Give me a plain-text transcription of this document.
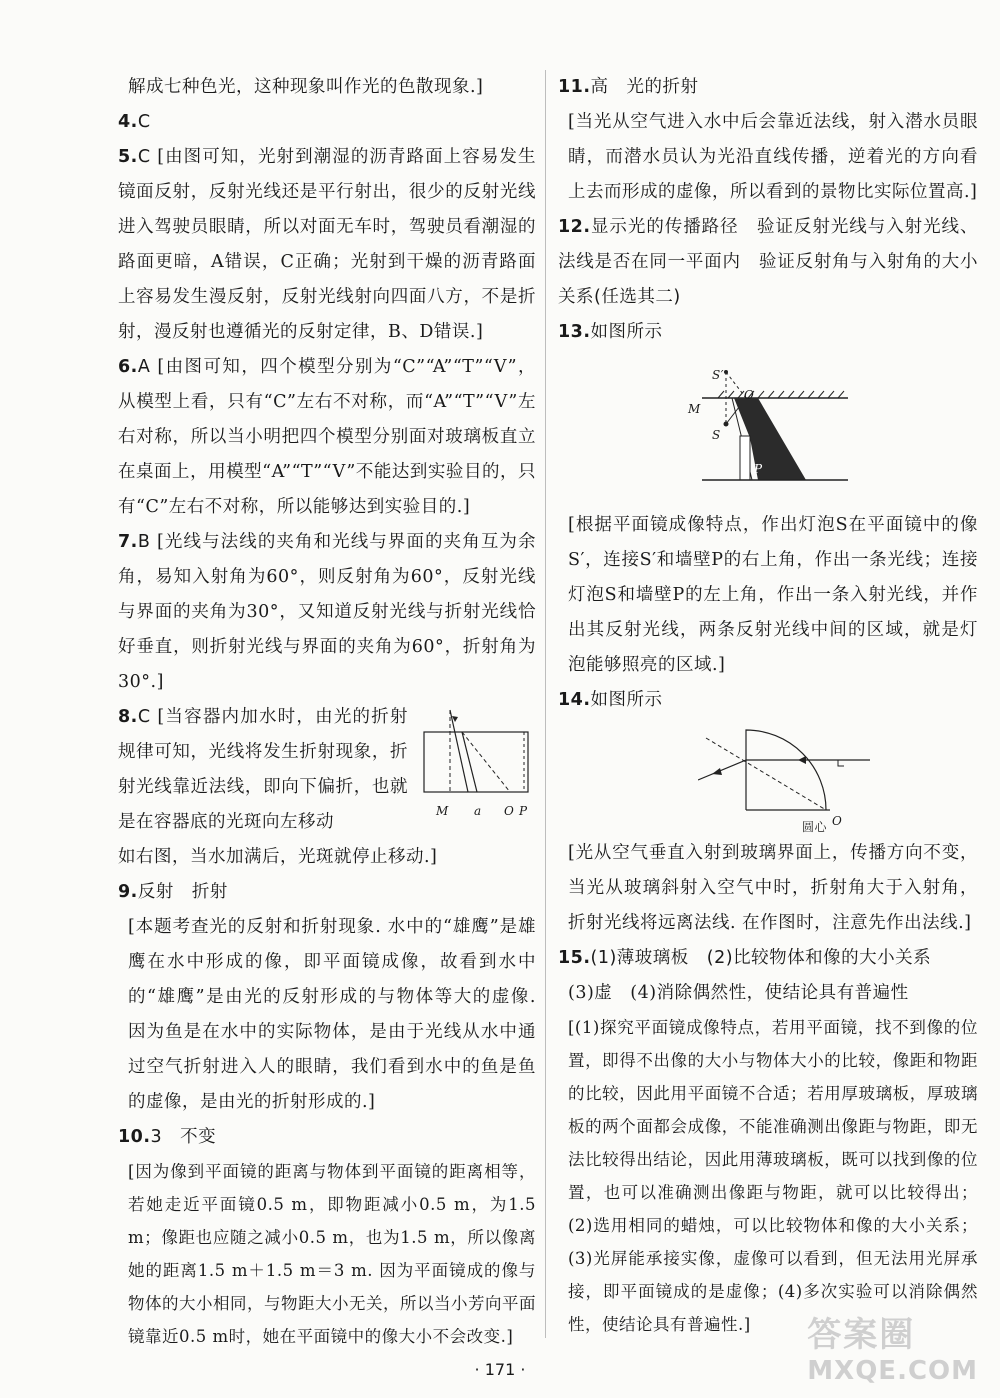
解成七种色光，这种现象叫作光的色散现象.]

4.C

5.C [由图可知，光射到潮湿的沥青路面上容易发生镜面反射，反射光线还是平行射出，很少的反射光线进入驾驶员眼睛，所以对面无车时，驾驶员看潮湿的路面更暗，A错误，C正确；光射到干燥的沥青路面上容易发生漫反射，反射光线射向四面八方，不是折射，漫反射也遵循光的反射定律，B、D错误.]

6.A [由图可知，四个模型分别为“C”“A”“T”“V”，从模型上看，只有“C”左右不对称，而“A”“T”“V”左右对称，所以当小明把四个模型分别面对玻璃板直立在桌面上，用模型“A”“T”“V”不能达到实验目的，只有“C”左右不对称，所以能够达到实验目的.]

7.B [光线与法线的夹角和光线与界面的夹角互为余角，易知入射角为60°，则反射角为60°，反射光线与界面的夹角为30°，又知道反射光线与折射光线恰好垂直，则折射光线与界面的夹角为60°，折射角为30°.]

8.C [当容器内加水时，由光的折射规律可知，光线将发生折射现象，折射光线靠近法线，即向下偏折，也就是在容器底的光斑向左移动

M a O P

如右图，当水加满后，光斑就停止移动.]

9.反射　折射

[本题考查光的反射和折射现象. 水中的“雄鹰”是雄鹰在水中形成的像，即平面镜成像，故看到水中的“雄鹰”是由光的反射形成的与物体等大的虚像. 因为鱼是在水中的实际物体，是由于光线从水中通过空气折射进入人的眼睛，我们看到水中的鱼是鱼的虚像，是由光的折射形成的.]

10.3　不变

[因为像到平面镜的距离与物体到平面镜的距离相等，若她走近平面镜0.5 m，即物距减小0.5 m，为1.5 m；像距也应随之减小0.5 m，也为1.5 m，所以像离她的距离1.5 m＋1.5 m＝3 m. 因为平面镜成的像与物体的大小相同，与物距大小无关，所以当小芳向平面镜靠近0.5 m时，她在平面镜中的像大小不会改变.]

11.高　光的折射

[当光从空气进入水中后会靠近法线，射入潜水员眼睛，而潜水员认为光沿直线传播，逆着光的方向看上去而形成的虚像，所以看到的景物比实际位置高.]

12.显示光的传播路径　验证反射光线与入射光线、法线是否在同一平面内　验证反射角与入射角的大小关系(任选其二)

13.如图所示

S′
O
M
S
P

[根据平面镜成像特点，作出灯泡S在平面镜中的像S′，连接S′和墙壁P的右上角，作出一条光线；连接灯泡S和墙壁P的左上角，作出一条入射光线，并作出其反射光线，两条反射光线中间的区域，就是灯泡能够照亮的区域.]

14.如图所示

圆心 O

[光从空气垂直入射到玻璃界面上，传播方向不变，当光从玻璃斜射入空气中时，折射角大于入射角，折射光线将远离法线. 在作图时，注意先作出法线.]

15.(1)薄玻璃板　(2)比较物体和像的大小关系

(3)虚　(4)消除偶然性，使结论具有普遍性

[(1)探究平面镜成像特点，若用平面镜，找不到像的位置，即得不出像的大小与物体大小的比较，像距和物距的比较，因此用平面镜不合适；若用厚玻璃板，厚玻璃板的两个面都会成像，不能准确测出像距与物距，即无法比较得出结论，因此用薄玻璃板，既可以找到像的位置，也可以准确测出像距与物距，就可以比较得出；(2)选用相同的蜡烛，可以比较物体和像的大小关系；(3)光屏能承接实像，虚像可以看到，但无法用光屏承接，即平面镜成的是虚像；(4)多次实验可以消除偶然性，使结论具有普遍性.]

· 171 ·
答案圈
MXQE.COM
